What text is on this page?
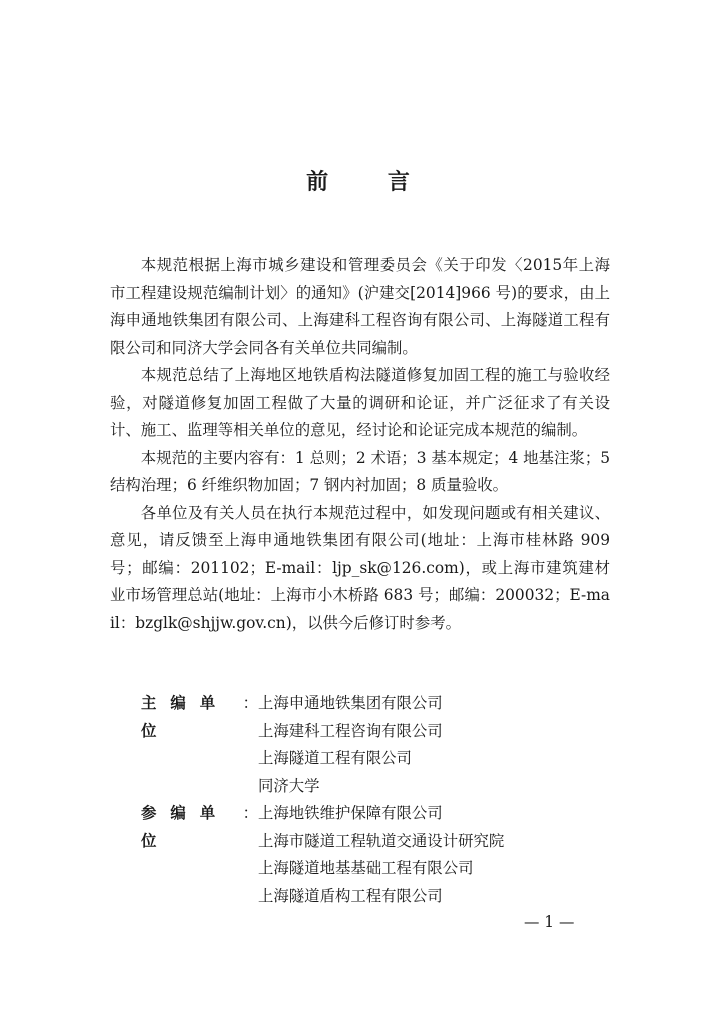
前 言

本规范根据上海市城乡建设和管理委员会《关于印发〈2015年上海市工程建设规范编制计划〉的通知》(沪建交[2014]966 号)的要求，由上海申通地铁集团有限公司、上海建科工程咨询有限公司、上海隧道工程有限公司和同济大学会同各有关单位共同编制。

本规范总结了上海地区地铁盾构法隧道修复加固工程的施工与验收经验，对隧道修复加固工程做了大量的调研和论证，并广泛征求了有关设计、施工、监理等相关单位的意见，经讨论和论证完成本规范的编制。

本规范的主要内容有：1 总则；2 术语；3 基本规定；4 地基注浆；5 结构治理；6 纤维织物加固；7 钢内衬加固；8 质量验收。

各单位及有关人员在执行本规范过程中，如发现问题或有相关建议、意见，请反馈至上海申通地铁集团有限公司(地址：上海市桂林路 909 号；邮编：201102；E-mail：ljp_sk@126.com)，或上海市建筑建材业市场管理总站(地址：上海市小木桥路 683 号；邮编：200032；E-mail：bzglk@shjjw.gov.cn)，以供今后修订时参考。

主编单位
： 上海申通地铁集团有限公司
上海建科工程咨询有限公司
上海隧道工程有限公司
同济大学
参编单位
： 上海地铁维护保障有限公司
上海市隧道工程轨道交通设计研究院
上海隧道地基基础工程有限公司
上海隧道盾构工程有限公司
— 1 —
